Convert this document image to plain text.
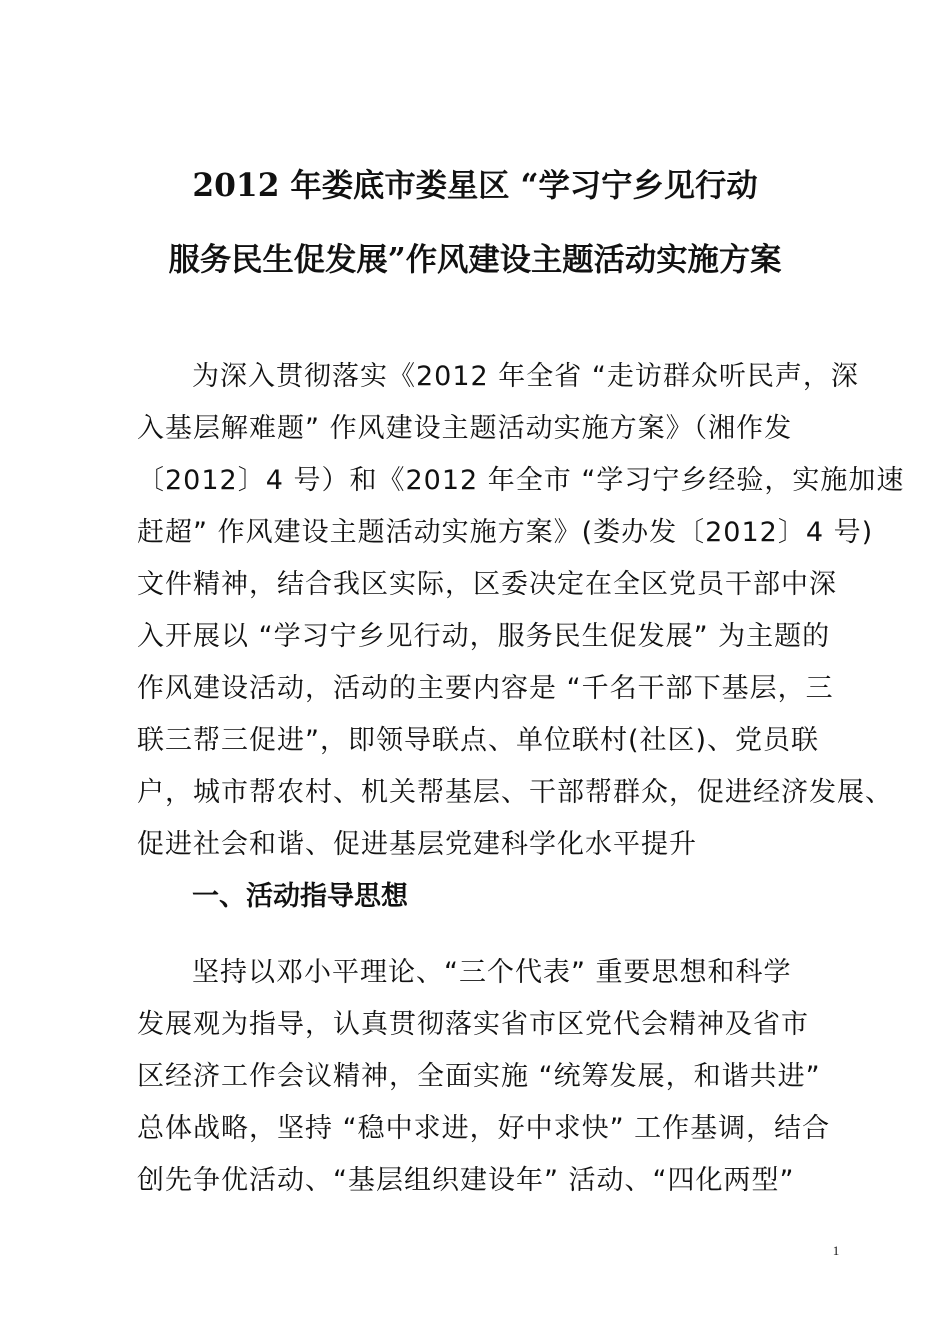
2012 年娄底市娄星区 “学习宁乡见行动
服务民生促发展”作风建设主题活动实施方案
为深入贯彻落实《2012 年全省 “走访群众听民声，深
入基层解难题” 作风建设主题活动实施方案》（湘作发
〔2012〕4 号）和《2012 年全市 “学习宁乡经验，实施加速
赶超” 作风建设主题活动实施方案》(娄办发〔2012〕4 号)
文件精神，结合我区实际，区委决定在全区党员干部中深
入开展以 “学习宁乡见行动，服务民生促发展” 为主题的
作风建设活动，活动的主要内容是 “千名干部下基层，三
联三帮三促进”，即领导联点、单位联村(社区)、党员联
户，城市帮农村、机关帮基层、干部帮群众，促进经济发展、
促进社会和谐、促进基层党建科学化水平提升
一、活动指导思想
坚持以邓小平理论、“三个代表” 重要思想和科学
发展观为指导，认真贯彻落实省市区党代会精神及省市
区经济工作会议精神，全面实施 “统筹发展，和谐共进”
总体战略，坚持 “稳中求进，好中求快” 工作基调，结合
创先争优活动、“基层组织建设年” 活动、“四化两型”
1
